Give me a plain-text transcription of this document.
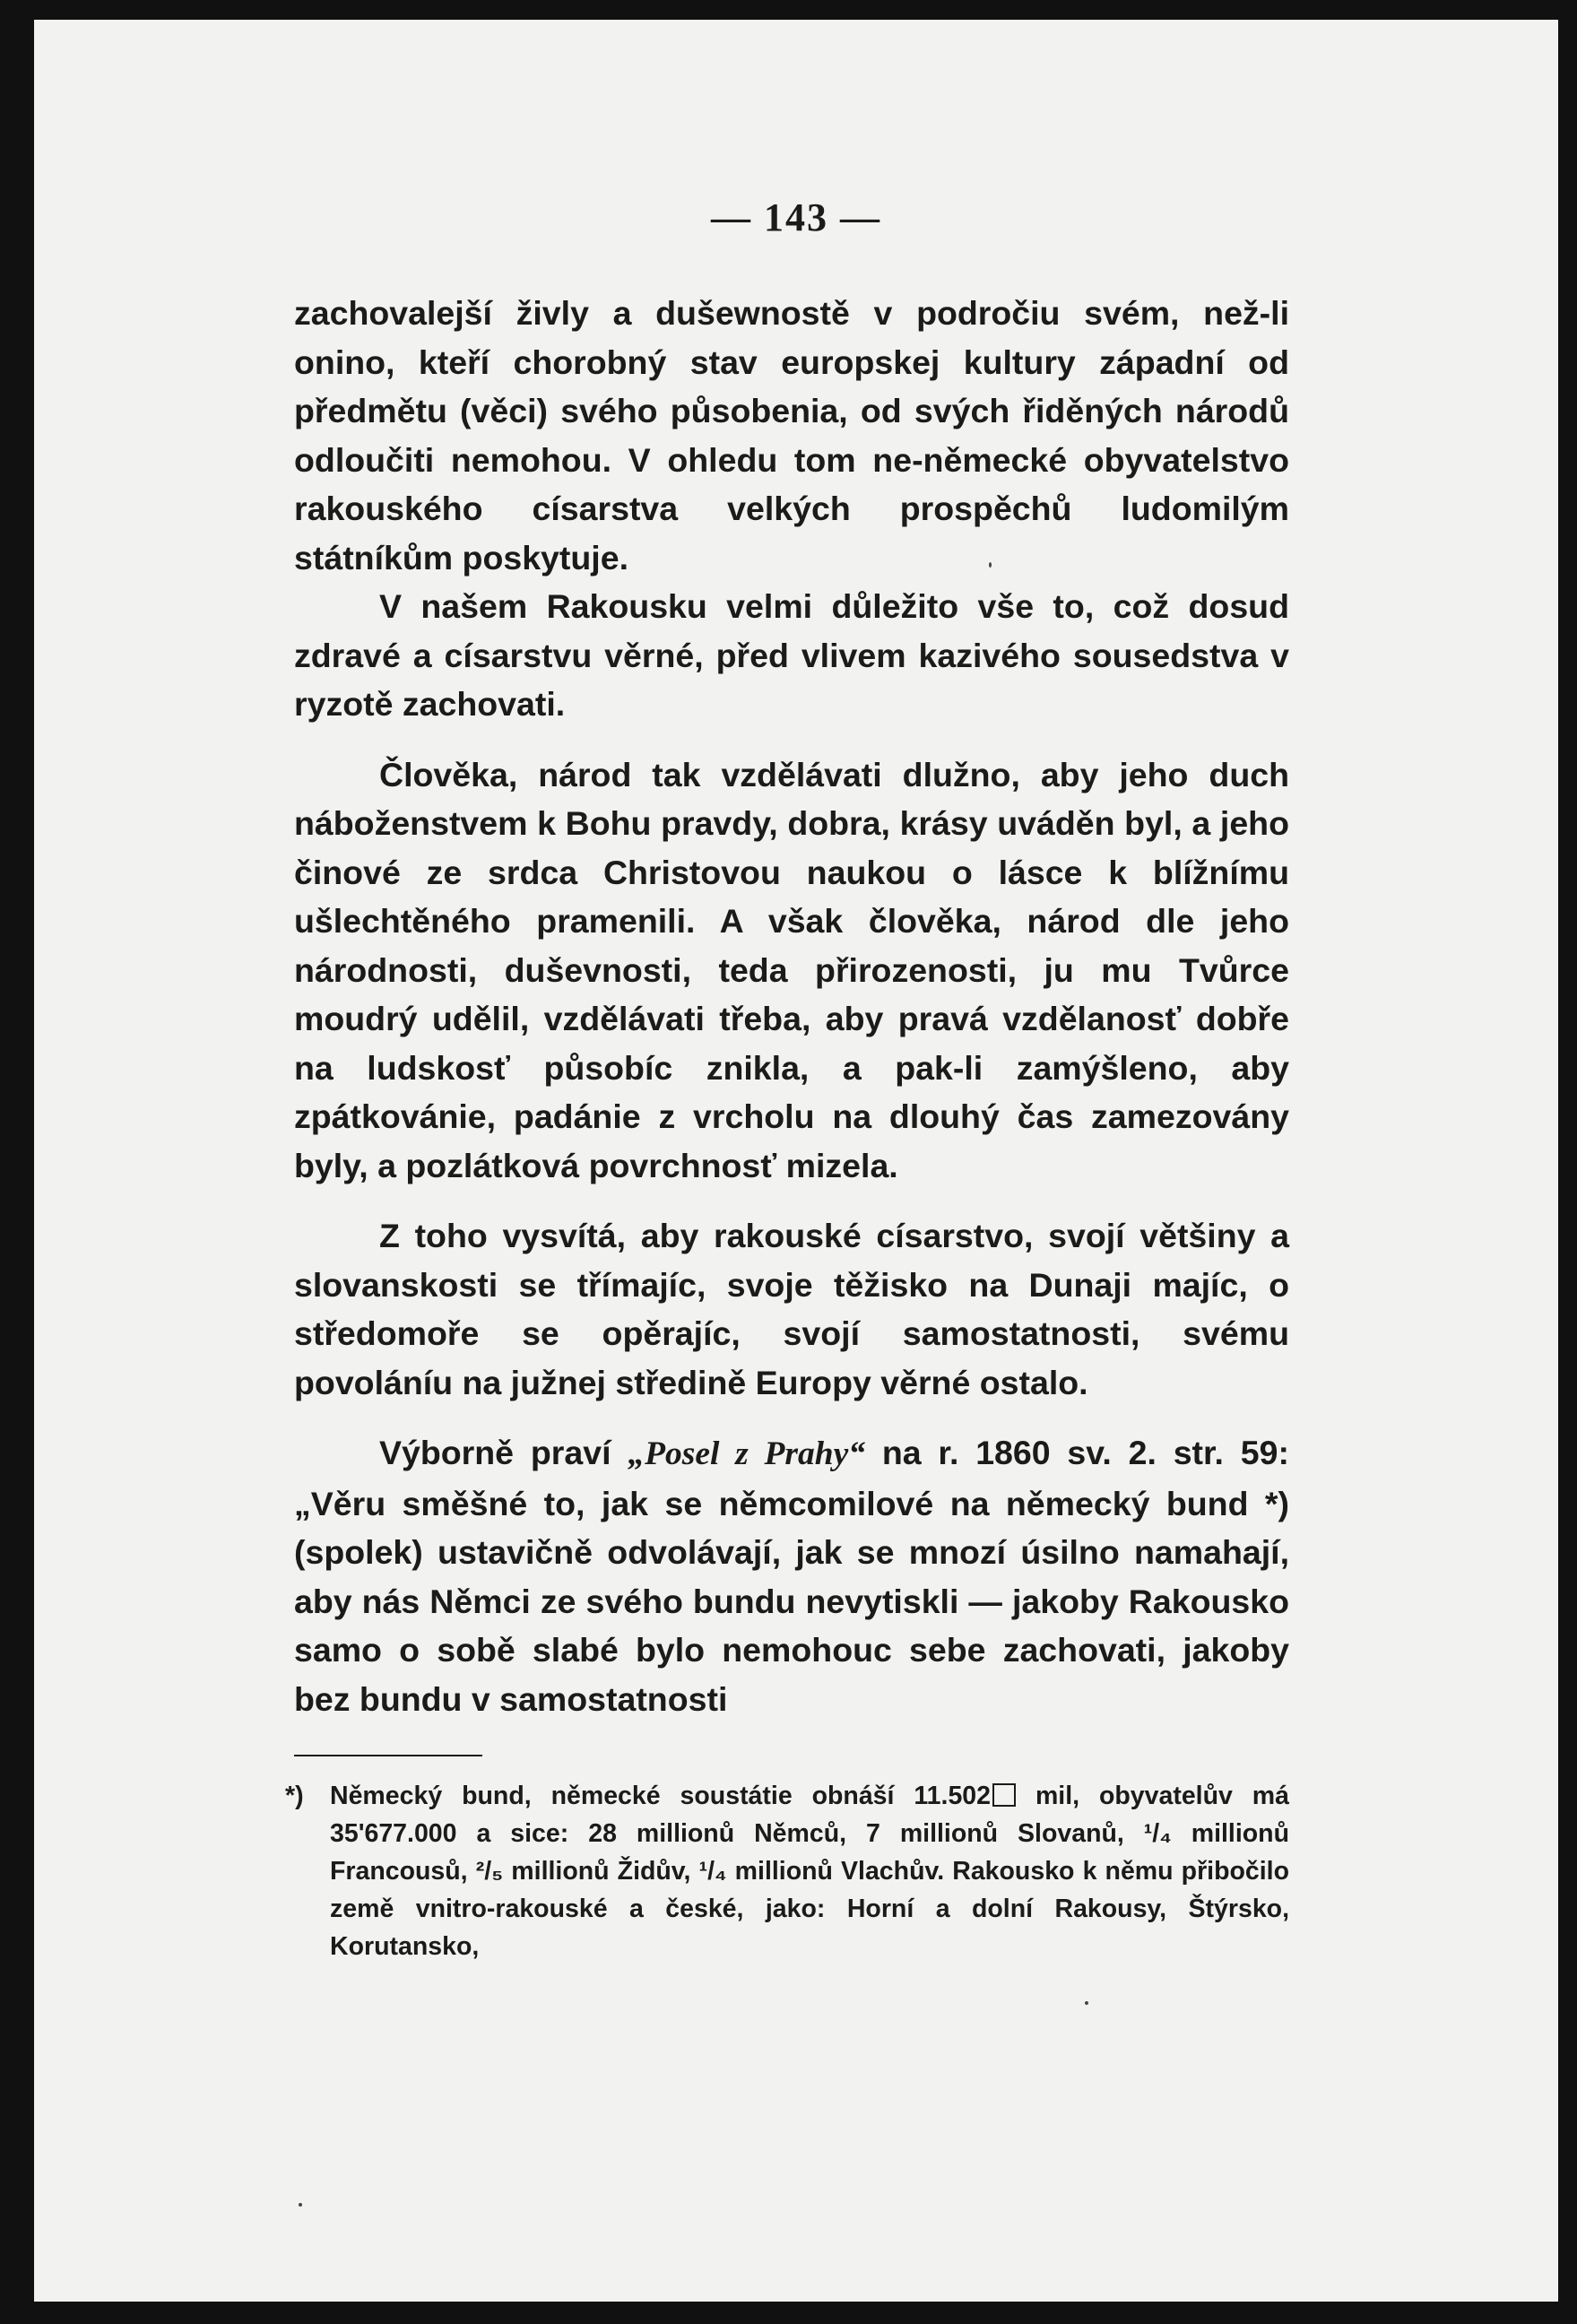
— 143 —

zachovalejší živly a dušewnostě v področiu svém, než-li onino, kteří chorobný stav europskej kultury západní od předmětu (věci) svého působenia, od svých řiděných národů odloučiti nemohou. V ohledu tom ne-německé obyvatelstvo rakouského císarstva velkých prospěchů ludomilým státníkům poskytuje.

V našem Rakousku velmi důležito vše to, což dosud zdravé a císarstvu věrné, před vlivem kazivého sousedstva v ryzotě zachovati.

Člověka, národ tak vzdělávati dlužno, aby jeho duch náboženstvem k Bohu pravdy, dobra, krásy uváděn byl, a jeho činové ze srdca Christovou naukou o lásce k blížnímu ušlechtěného pramenili. A však člověka, národ dle jeho národnosti, duševnosti, teda přirozenosti, ju mu Tvůrce moudrý udělil, vzdělávati třeba, aby pravá vzdělanosť dobře na ludskosť působíc znikla, a pak-li zamýšleno, aby zpátkovánie, padánie z vrcholu na dlouhý čas zamezovány byly, a pozlátková povrchnosť mizela.

Z toho vysvítá, aby rakouské císarstvo, svojí většiny a slovanskosti se třímajíc, svoje těžisko na Dunaji majíc, o středomoře se opěrajíc, svojí samostatnosti, svému povoláníu na južnej středině Europy věrné ostalo.

Výborně praví „Posel z Prahy“ na r. 1860 sv. 2. str. 59: „Věru směšné to, jak se němcomilové na německý bund *) (spolek) ustavičně odvolávají, jak se mnozí úsilno namahají, aby nás Němci ze svého bundu nevytiskli — jakoby Rakousko samo o sobě slabé bylo nemohouc sebe zachovati, jakoby bez bundu v samostatnosti

*) Německý bund, německé soustátie obnáší 11.502 mil, obyvatelův má 35'677.000 a sice: 28 millionů Němců, 7 millionů Slovanů, ¹/₄ millionů Francousů, ²/₅ millionů Židův, ¹/₄ millionů Vlachův. Rakousko k němu přibočilo země vnitro-rakouské a české, jako: Horní a dolní Rakousy, Štýrsko, Korutansko,
